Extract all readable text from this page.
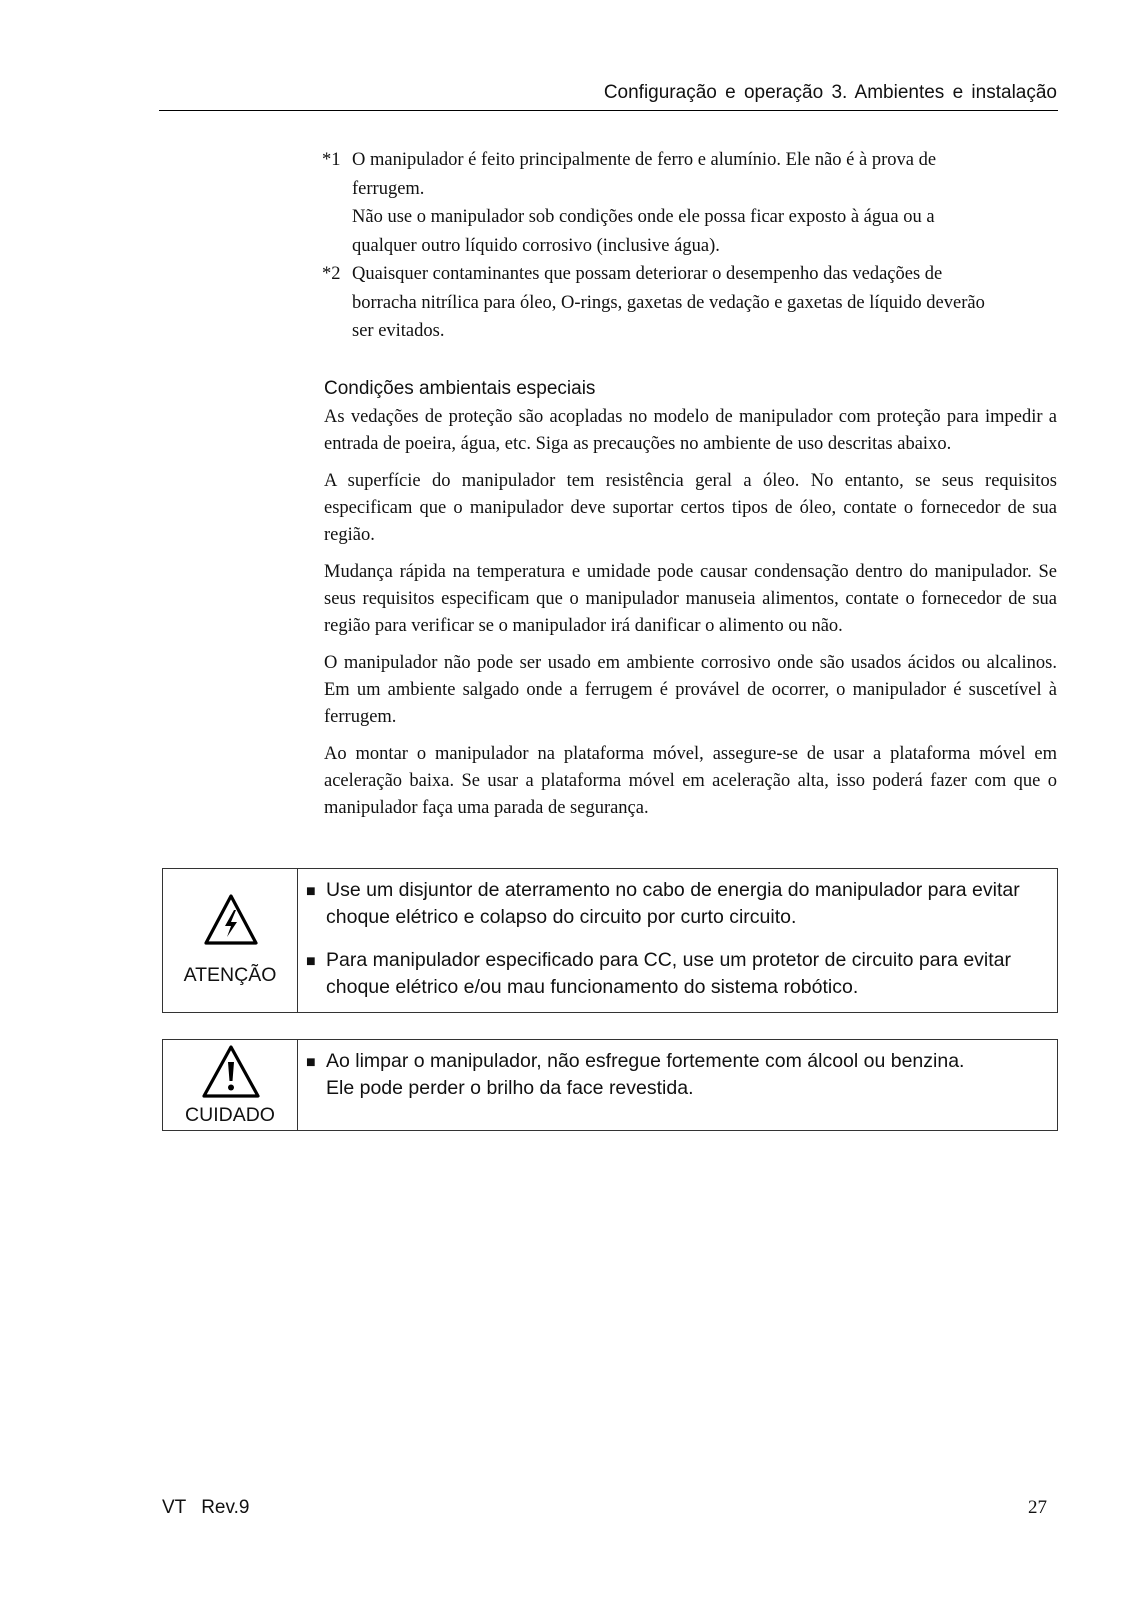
Configuração e operação 3. Ambientes e instalação
*1 O manipulador é feito principalmente de ferro e alumínio. Ele não é à prova de
ferrugem.
Não use o manipulador sob condições onde ele possa ficar exposto à água ou a
qualquer outro líquido corrosivo (inclusive água).
*2 Quaisquer contaminantes que possam deteriorar o desempenho das vedações de
borracha nitrílica para óleo, O-rings, gaxetas de vedação e gaxetas de líquido deverão
ser evitados.
Condições ambientais especiais

As vedações de proteção são acopladas no modelo de manipulador com proteção para impedir a entrada de poeira, água, etc. Siga as precauções no ambiente de uso descritas abaixo.

A superfície do manipulador tem resistência geral a óleo. No entanto, se seus requisitos especificam que o manipulador deve suportar certos tipos de óleo, contate o fornecedor de sua região.

Mudança rápida na temperatura e umidade pode causar condensação dentro do manipulador. Se seus requisitos especificam que o manipulador manuseia alimentos, contate o fornecedor de sua região para verificar se o manipulador irá danificar o alimento ou não.

O manipulador não pode ser usado em ambiente corrosivo onde são usados ácidos ou alcalinos. Em um ambiente salgado onde a ferrugem é provável de ocorrer, o manipulador é suscetível à ferrugem.

Ao montar o manipulador na plataforma móvel, assegure-se de usar a plataforma móvel em aceleração baixa. Se usar a plataforma móvel em aceleração alta, isso poderá fazer com que o manipulador faça uma parada de segurança.

ATENÇÃO
■ Use um disjuntor de aterramento no cabo de energia do manipulador para evitar
choque elétrico e colapso do circuito por curto circuito.
■ Para manipulador especificado para CC, use um protetor de circuito para evitar
choque elétrico e/ou mau funcionamento do sistema robótico.
CUIDADO
■ Ao limpar o manipulador, não esfregue fortemente com álcool ou benzina.
Ele pode perder o brilho da face revestida.
VT Rev.9	27
